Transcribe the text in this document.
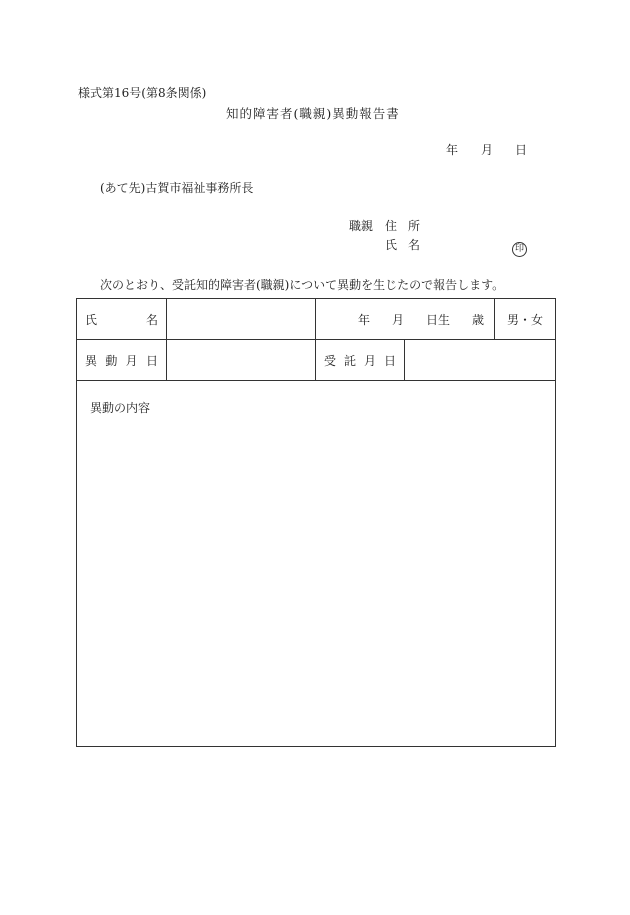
様式第16号(第8条関係)
知的障害者(職親)異動報告書
年 月 日
(あて先)古賀市福祉事務所長
職親 住 所
氏 名	印
次のとおり、受託知的障害者(職親)について異動を生じたので報告します。
氏 名		年 月 日生 歳		男・女

異 動 月 日		受 託 月 日		

異動の内容				
